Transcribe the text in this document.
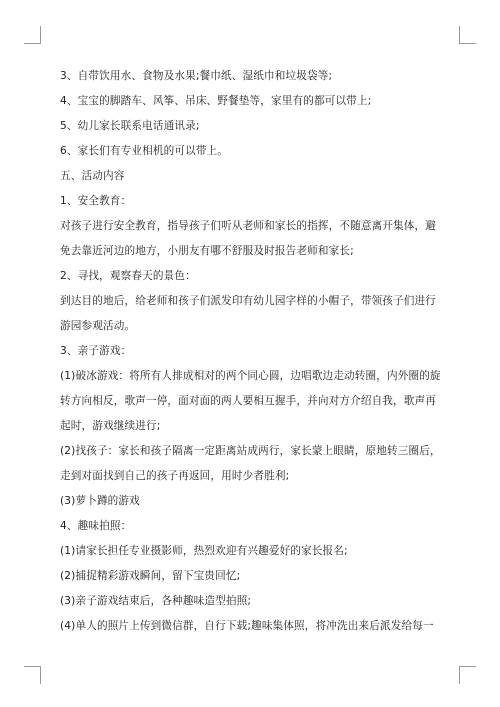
3、自带饮用水、食物及水果;餐巾纸、湿纸巾和垃圾袋等;

4、宝宝的脚踏车、风筝、吊床、野餐垫等，家里有的都可以带上;

5、幼儿家长联系电话通讯录;

6、家长们有专业相机的可以带上。

五、活动内容

1、安全教育：

对孩子进行安全教育，指导孩子们听从老师和家长的指挥，不随意离开集体，避免去靠近河边的地方，小朋友有哪不舒服及时报告老师和家长;

2、寻找，观察春天的景色：

到达目的地后，给老师和孩子们派发印有幼儿园字样的小帽子，带领孩子们进行游园参观活动。

3、亲子游戏：

(1)破冰游戏：将所有人排成相对的两个同心圆，边唱歌边走动转圈，内外圈的旋转方向相反，歌声一停，面对面的两人要相互握手，并向对方介绍自我，歌声再起时，游戏继续进行;

(2)找孩子：家长和孩子隔离一定距离站成两行，家长蒙上眼睛，原地转三圈后，走到对面找到自己的孩子再返回，用时少者胜利;

(3)萝卜蹲的游戏

4、趣味拍照：

(1)请家长担任专业摄影师，热烈欢迎有兴趣爱好的家长报名;

(2)捕捉精彩游戏瞬间，留下宝贵回忆;

(3)亲子游戏结束后，各种趣味造型拍照;

(4)单人的照片上传到微信群，自行下载;趣味集体照，将冲洗出来后派发给每一
